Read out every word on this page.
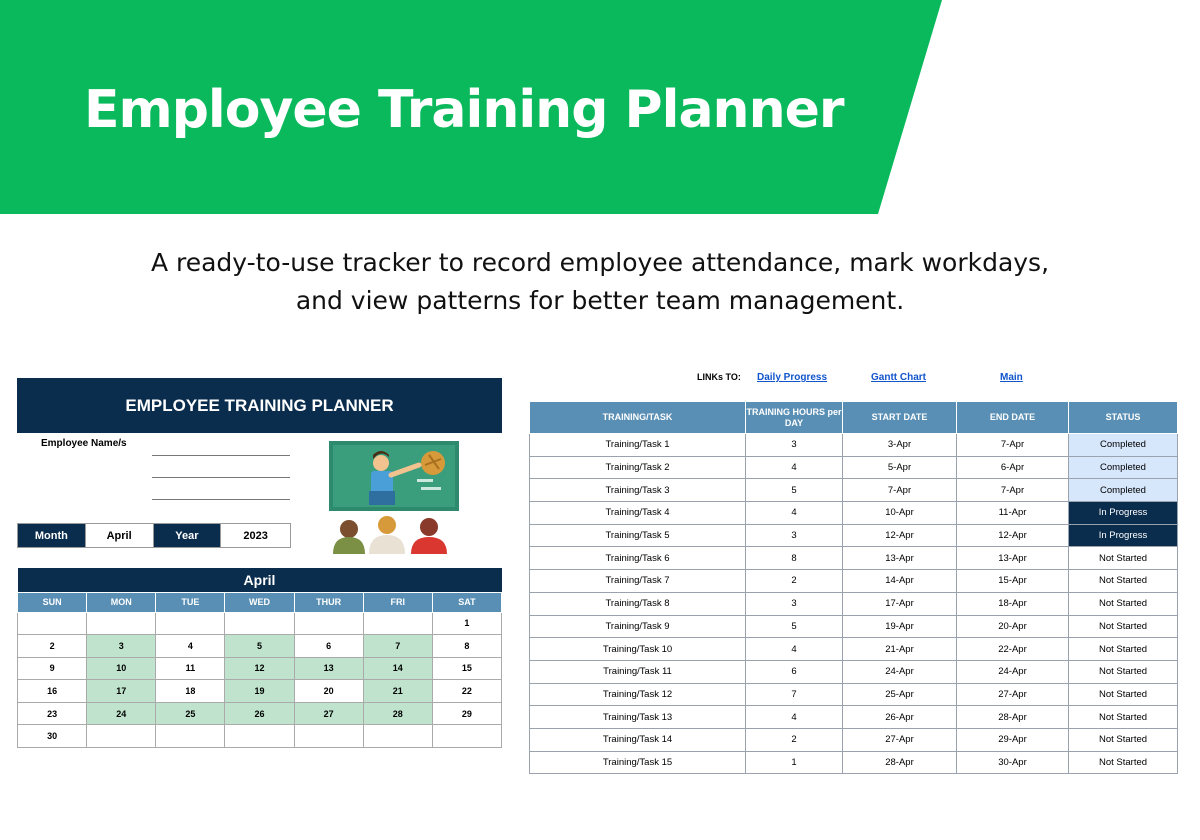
Employee Training Planner
A ready-to-use tracker to record employee attendance, mark workdays,
and view patterns for better team management.
EMPLOYEE TRAINING PLANNER
Employee Name/s
Month	April	Year	2023
April						
SUN	MON	TUE	WED	THUR	FRI	SAT
						1
2	3	4	5	6	7	8
9	10	11	12	13	14	15
16	17	18	19	20	21	22
23	24	25	26	27	28	29
30						
LINKs TO: Daily Progress	Gantt Chart	Main
TRAINING/TASK	TRAINING HOURS per DAY	START DATE	END DATE	STATUS
Training/Task 1	3	3-Apr	7-Apr	Completed
Training/Task 2	4	5-Apr	6-Apr	Completed
Training/Task 3	5	7-Apr	7-Apr	Completed
Training/Task 4	4	10-Apr	11-Apr	In Progress
Training/Task 5	3	12-Apr	12-Apr	In Progress
Training/Task 6	8	13-Apr	13-Apr	Not Started
Training/Task 7	2	14-Apr	15-Apr	Not Started
Training/Task 8	3	17-Apr	18-Apr	Not Started
Training/Task 9	5	19-Apr	20-Apr	Not Started
Training/Task 10	4	21-Apr	22-Apr	Not Started
Training/Task 11	6	24-Apr	24-Apr	Not Started
Training/Task 12	7	25-Apr	27-Apr	Not Started
Training/Task 13	4	26-Apr	28-Apr	Not Started
Training/Task 14	2	27-Apr	29-Apr	Not Started
Training/Task 15	1	28-Apr	30-Apr	Not Started
